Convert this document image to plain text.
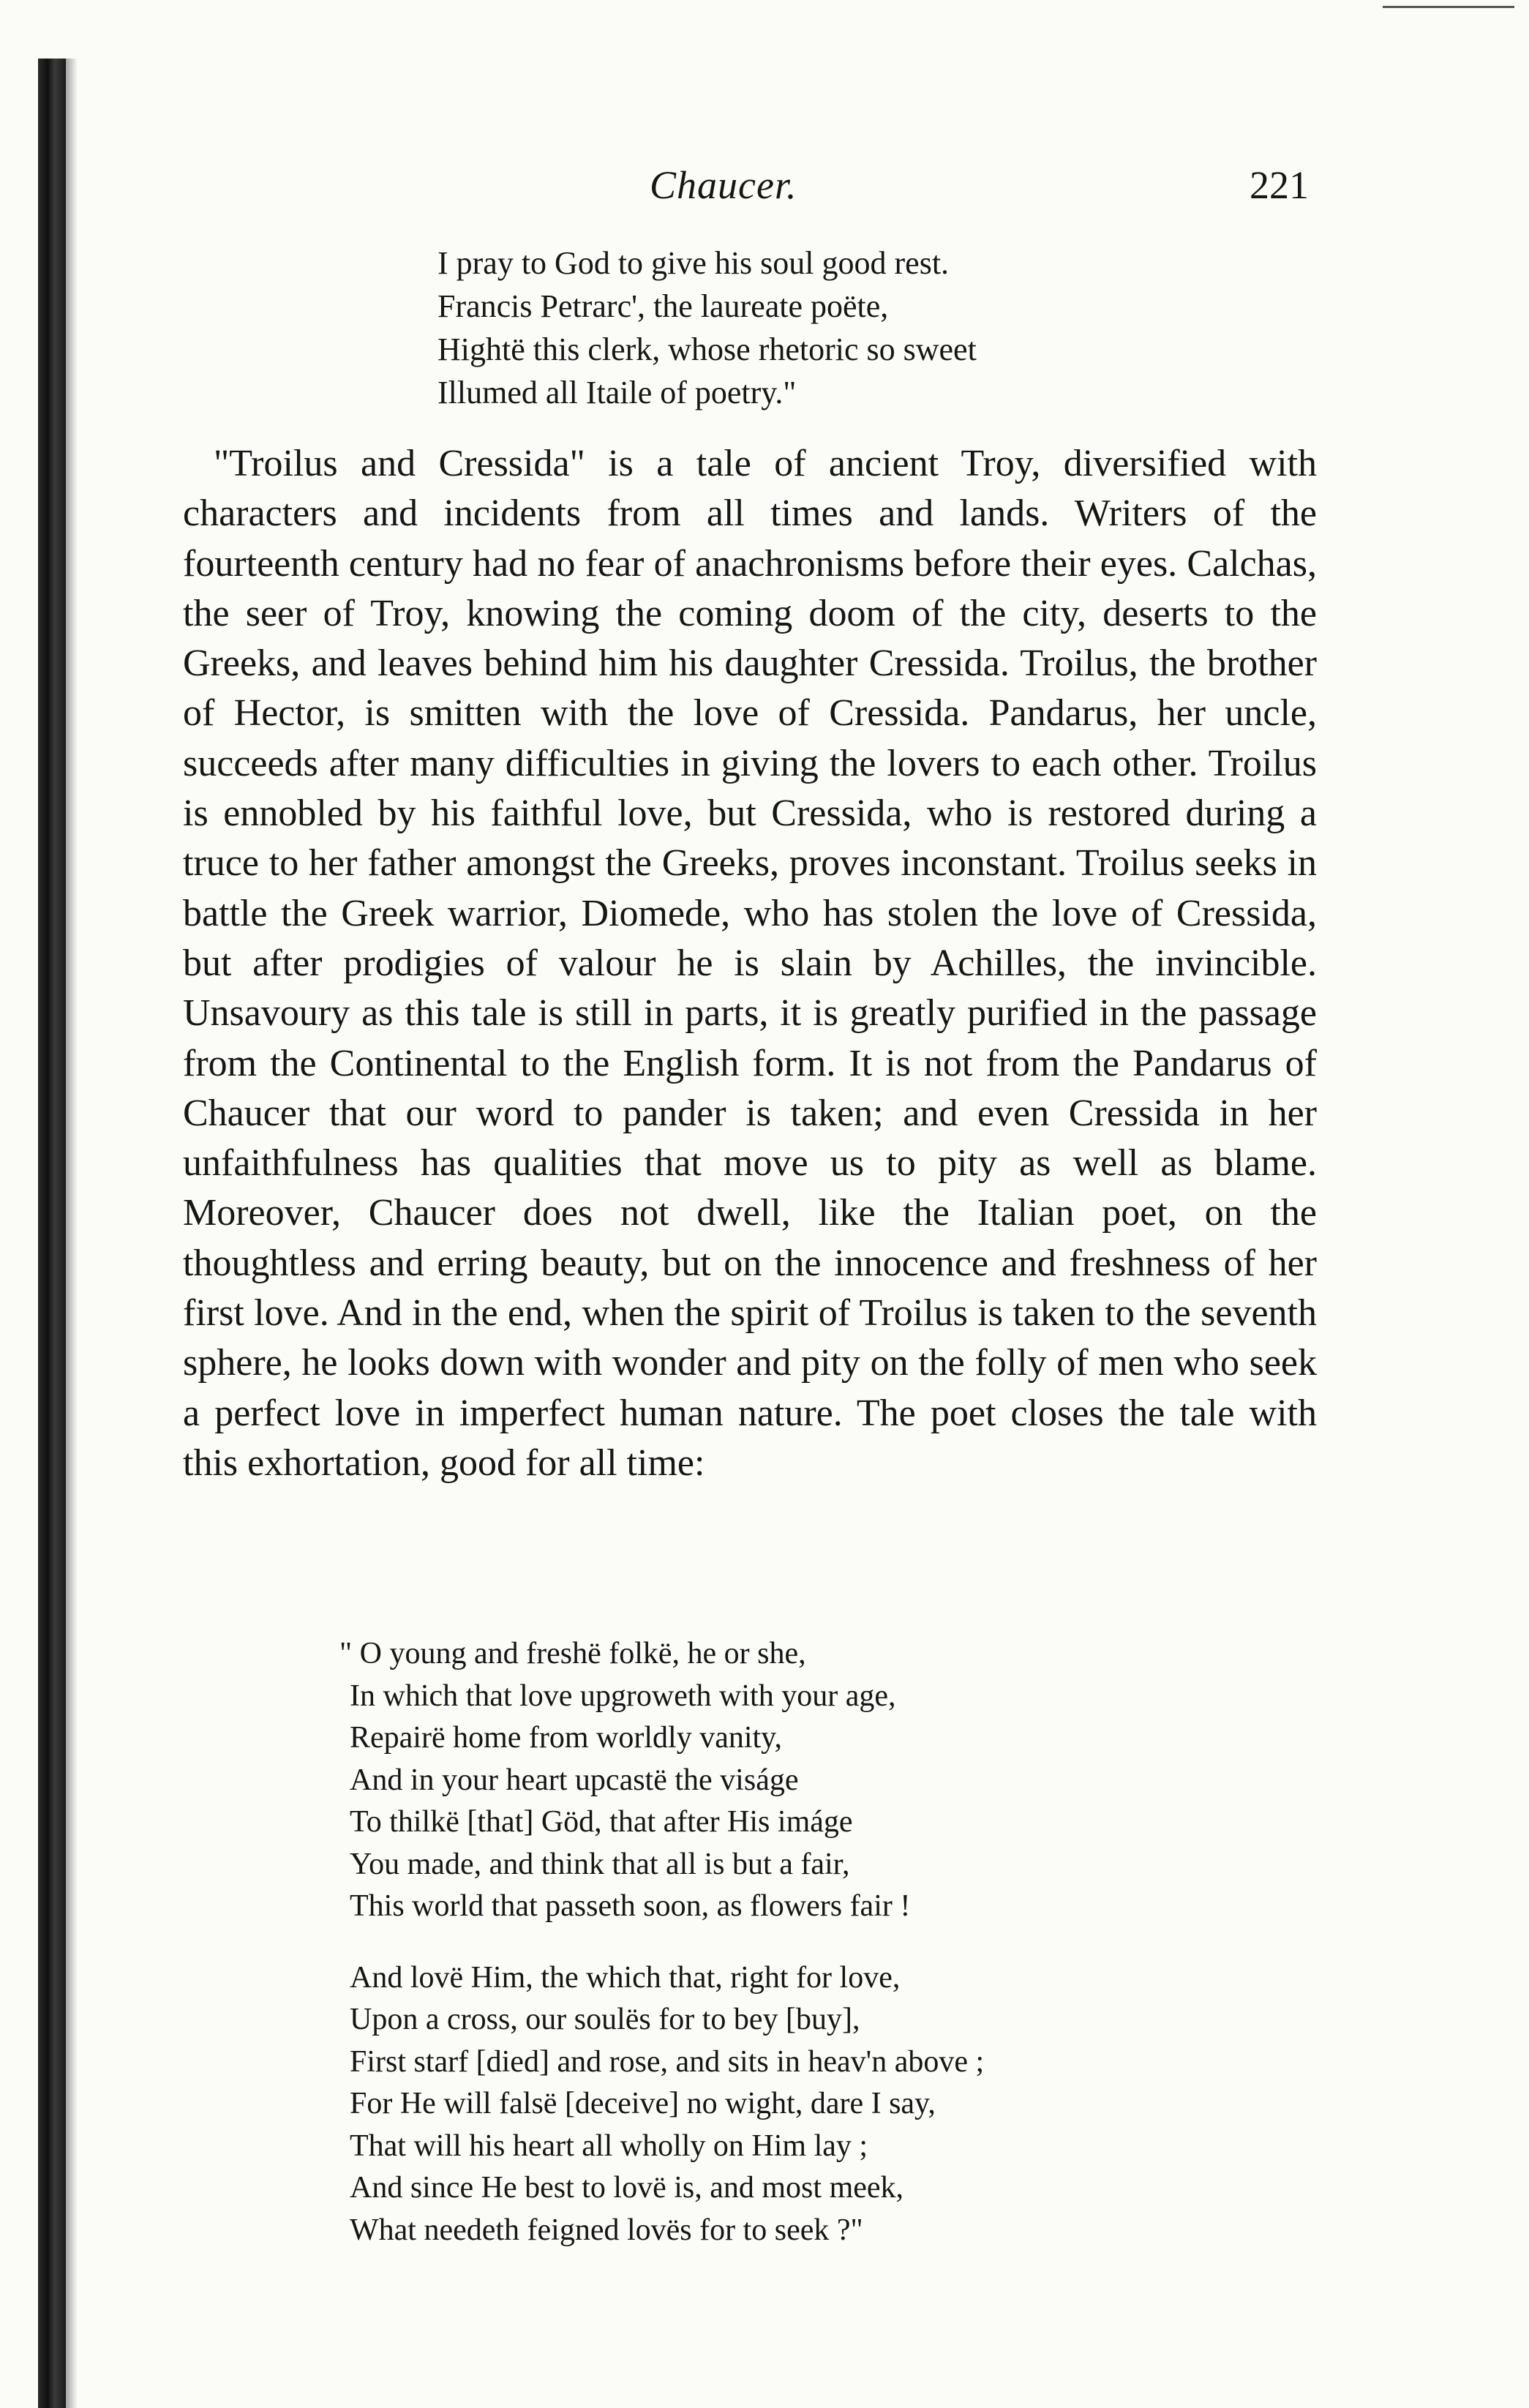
Chaucer.	221
I pray to God to give his soul good rest.
Francis Petrarc', the laureate poëte,
Hightë this clerk, whose rhetoric so sweet
Illumed all Itaile of poetry."
"Troilus and Cressida" is a tale of ancient Troy, diversified with characters and incidents from all times and lands. Writers of the fourteenth century had no fear of anachronisms before their eyes. Calchas, the seer of Troy, knowing the coming doom of the city, deserts to the Greeks, and leaves behind him his daughter Cressida. Troilus, the brother of Hector, is smitten with the love of Cressida. Pandarus, her uncle, succeeds after many difficulties in giving the lovers to each other. Troilus is ennobled by his faithful love, but Cressida, who is restored during a truce to her father amongst the Greeks, proves inconstant. Troilus seeks in battle the Greek warrior, Diomede, who has stolen the love of Cressida, but after prodigies of valour he is slain by Achilles, the invincible. Unsavoury as this tale is still in parts, it is greatly purified in the passage from the Continental to the English form. It is not from the Pandarus of Chaucer that our word to pander is taken; and even Cressida in her unfaithfulness has qualities that move us to pity as well as blame. Moreover, Chaucer does not dwell, like the Italian poet, on the thoughtless and erring beauty, but on the innocence and freshness of her first love. And in the end, when the spirit of Troilus is taken to the seventh sphere, he looks down with wonder and pity on the folly of men who seek a perfect love in imperfect human nature. The poet closes the tale with this exhortation, good for all time:
" O young and freshë folkë, he or she,
In which that love upgroweth with your age,
Repairë home from worldly vanity,
And in your heart upcastë the viságe
To thilkë [that] Göd, that after His imáge
You made, and think that all is but a fair,
This world that passeth soon, as flowers fair !
And lovë Him, the which that, right for love,
Upon a cross, our soulës for to bey [buy],
First starf [died] and rose, and sits in heav'n above ;
For He will falsë [deceive] no wight, dare I say,
That will his heart all wholly on Him lay ;
And since He best to lovë is, and most meek,
What needeth feigned lovës for to seek ?"
